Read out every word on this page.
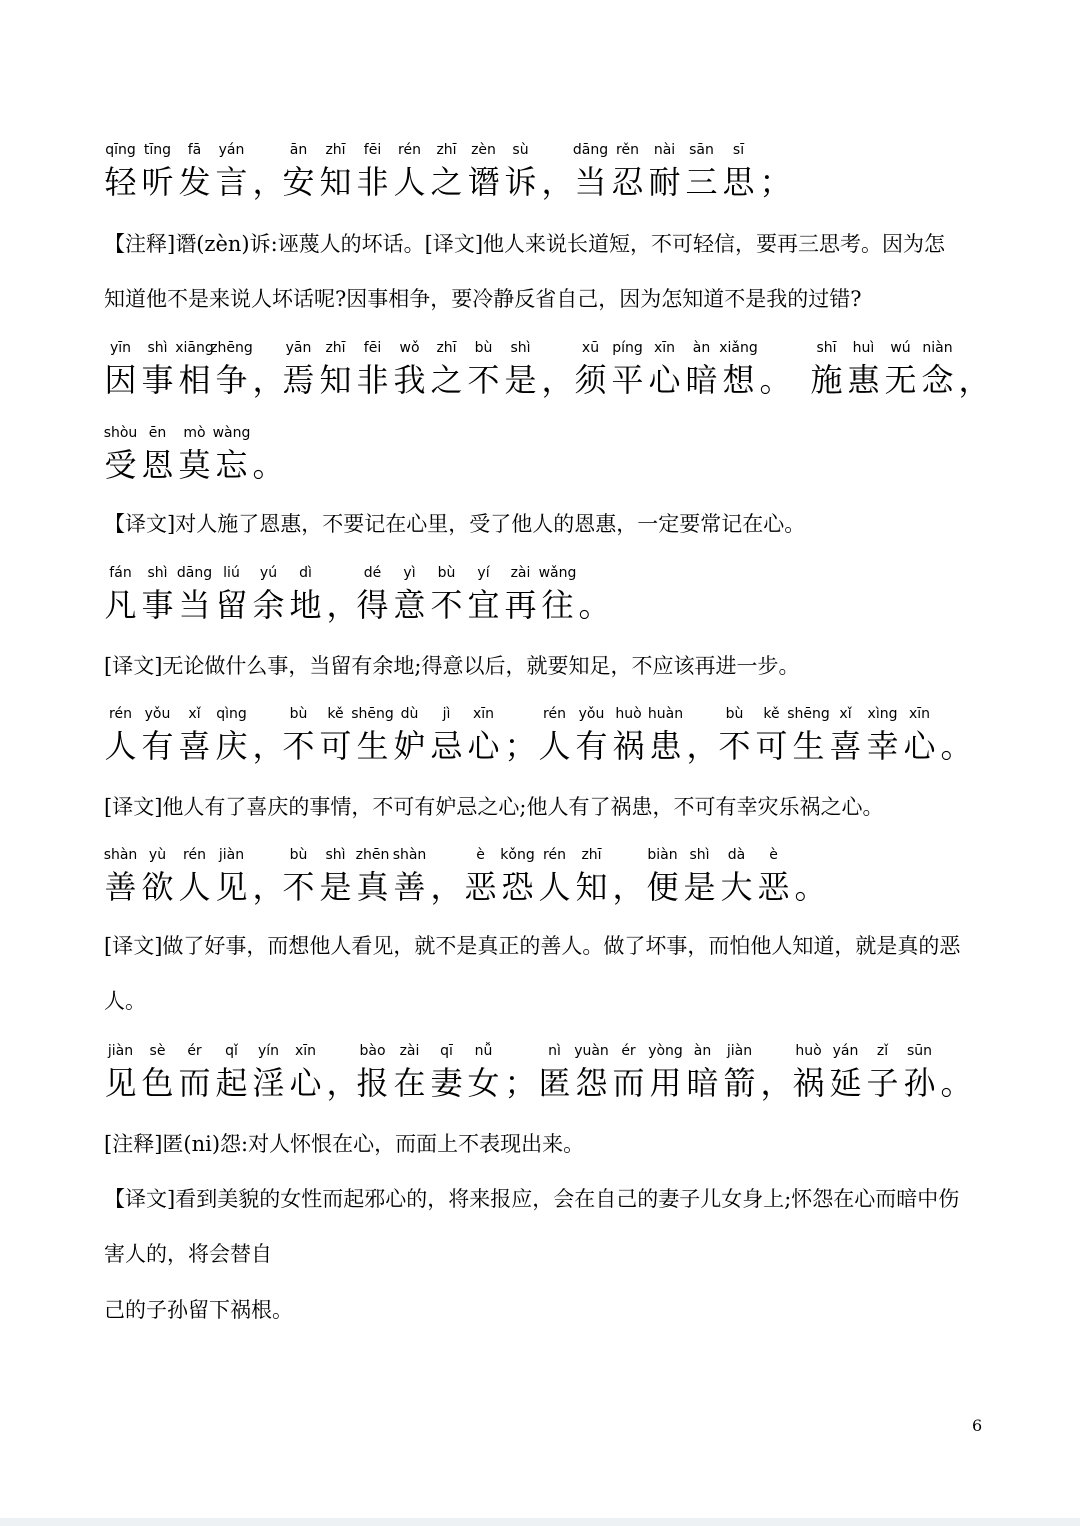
qīng
轻
tīng
听
fā
发
yán
言 ，
ān
安
zhī
知
fēi
非
rén
人
zhī
之
zèn
谮
sù
诉 ，
dāng
当
rěn
忍
nài
耐
sān
三
sī
思 ；
yīn
因
shì
事
xiāng
相
zhēng
争 ，
yān
焉
zhī
知
fēi
非
wǒ
我
zhī
之
bù
不
shì
是 ，
xū
须
píng
平
xīn
心
àn
暗
xiǎng
想 。
shī
施
huì
惠
wú
无
niàn
念 ，
shòu
受
ēn
恩
mò
莫
wàng
忘 。
fán
凡
shì
事
dāng
当
liú
留
yú
余
dì
地 ，
dé
得
yì
意
bù
不
yí
宜
zài
再
wǎng
往 。
rén
人
yǒu
有
xǐ
喜
qìng
庆 ，
bù
不
kě
可
shēng
生
dù
妒
jì
忌
xīn
心 ；
rén
人
yǒu
有
huò
祸
huàn
患 ，
bù
不
kě
可
shēng
生
xǐ
喜
xìng
幸
xīn
心 。
shàn
善
yù
欲
rén
人
jiàn
见 ，
bù
不
shì
是
zhēn
真
shàn
善 ，
è
恶
kǒng
恐
rén
人
zhī
知 ，
biàn
便
shì
是
dà
大
è
恶 。
jiàn
见
sè
色
ér
而
qǐ
起
yín
淫
xīn
心 ，
bào
报
zài
在
qī
妻
nǚ
女 ；
nì
匿
yuàn
怨
ér
而
yòng
用
àn
暗
jiàn
箭 ，
huò
祸
yán
延
zǐ
子
sūn
孙 。
【注释]谮(zèn)诉:诬蔑人的坏话。[译文]他人来说长道短，不可轻信，要再三思考。因为怎
知道他不是来说人坏话呢?因事相争，要冷静反省自己，因为怎知道不是我的过错?
【译文]对人施了恩惠，不要记在心里，受了他人的恩惠，一定要常记在心。
[译文]无论做什么事，当留有余地;得意以后，就要知足，不应该再进一步。
[译文]他人有了喜庆的事情，不可有妒忌之心;他人有了祸患，不可有幸灾乐祸之心。
[译文]做了好事，而想他人看见，就不是真正的善人。做了坏事，而怕他人知道，就是真的恶
人。
[注释]匿(ni)怨:对人怀恨在心，而面上不表现出来。
【译文]看到美貌的女性而起邪心的，将来报应，会在自己的妻子儿女身上;怀怨在心而暗中伤
害人的，将会替自
己的子孙留下祸根。
6
